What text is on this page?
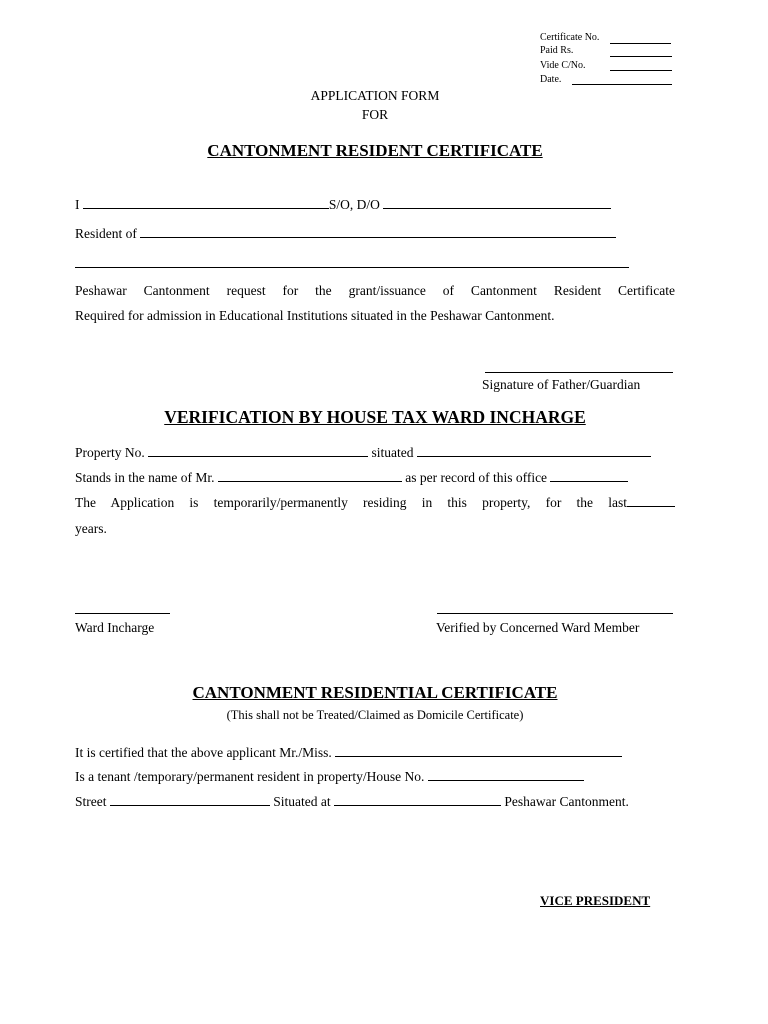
Certificate No.
Paid Rs.
Vide C/No.
Date.
APPLICATION FORM
FOR
CANTONMENT RESIDENT CERTIFICATE
I	S/O, D/O
Resident of
Peshawar Cantonment request for the grant/issuance of Cantonment Resident Certificate
Required for admission in Educational Institutions situated in the Peshawar Cantonment.
Signature of Father/Guardian
VERIFICATION BY HOUSE TAX WARD INCHARGE
Property No.	situated
Stands in the name of Mr.	as per record of this office
The Application is temporarily/permanently residing in this property, for the last
years.
Ward Incharge	Verified by Concerned Ward Member
CANTONMENT RESIDENTIAL CERTIFICATE
(This shall not be Treated/Claimed as Domicile Certificate)
It is certified that the above applicant Mr./Miss.
Is a tenant /temporary/permanent resident in property/House No.
Street	Situated at	Peshawar Cantonment.
VICE PRESIDENT
